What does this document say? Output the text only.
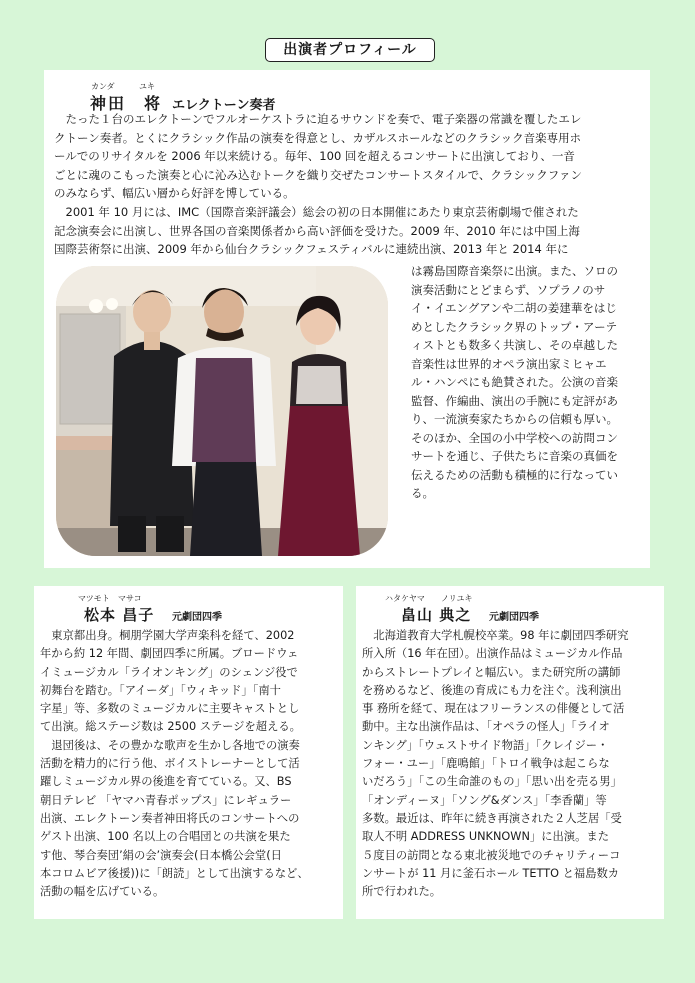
出演者プロフィール
カンダ	ユキ
神田　将 エレクトーン奏者
　たった１台のエレクトーンでフルオーケストラに迫るサウンドを奏で、電子楽器の常識を覆したエレ
クトーン奏者。とくにクラシック作品の演奏を得意とし、カザルスホールなどのクラシック音楽専用ホ
ールでのリサイタルを 2006 年以来続ける。毎年、100 回を超えるコンサートに出演しており、一音
ごとに魂のこもった演奏と心に沁み込むトークを織り交ぜたコンサートスタイルで、クラシックファン
のみならず、幅広い層から好評を博している。
　2001 年 10 月には、IMC（国際音楽評議会）総会の初の日本開催にあたり東京芸術劇場で催された
記念演奏会に出演し、世界各国の音楽関係者から高い評価を受けた。2009 年、2010 年には中国上海
国際芸術祭に出演、2009 年から仙台クラシックフェスティバルに連続出演、2013 年と 2014 年に
は霧島国際音楽祭に出演。また、ソロの
演奏活動にとどまらず、ソプラノのサ
イ・イエングアンや二胡の姜建華をはじ
めとしたクラシック界のトップ・アーテ
ィストとも数多く共演し、その卓越した
音楽性は世界的オペラ演出家ミヒャエ
ル・ハンペにも絶賛された。公演の音楽
監督、作編曲、演出の手腕にも定評があ
り、一流演奏家たちからの信頼も厚い。
そのほか、全国の小中学校への訪問コン
サートを通じ、子供たちに音楽の真価を
伝えるための活動も積極的に行なってい
る。
マツモト マサコ
松本 昌子 元劇団四季
　東京都出身。桐朋学園大学声楽科を経て、2002
年から約 12 年間、劇団四季に所属。ブロードウェ
イミュージカル「ライオンキング」のシェンジ役で
初舞台を踏む。「アイーダ」「ウィキッド」「南十
字星」等、多数のミュージカルに主要キャストとし
て出演。総ステージ数は 2500 ステージを超える。
　退団後は、その豊かな歌声を生かし各地での演奏
活動を精力的に行う他、ボイストレーナーとして活
躍しミュージカル界の後進を育てている。又、BS
朝日テレビ 「ヤマハ青春ポップス」にレギュラー
出演、エレクトーン奏者神田将氏のコンサートへの
ゲスト出演、100 名以上の合唱団との共演を果た
す他、琴合奏団’絹の会’演奏会(日本橋公会堂(日
本コロムビア後援))に「朗読」として出演するなど、
活動の幅を広げている。
ハタケヤマ ノリユキ
畠山 典之 元劇団四季
　北海道教育大学札幌校卒業。98 年に劇団四季研究
所入所（16 年在団）。出演作品はミュージカル作品
からストレートプレイと幅広い。また研究所の講師
を務めるなど、後進の育成にも力を注ぐ。浅利演出
事 務所を経て、現在はフリーランスの俳優として活
動中。主な出演作品は、「オペラの怪人」「ライオ
ンキング」「ウェストサイド物語」「クレイジー・
フォー・ユー」「鹿鳴館」「トロイ戦争は起こらな
いだろう」「この生命誰のもの」「思い出を売る男」
「オンディーヌ」「ソング&ダンス」「李香蘭」等
多数。最近は、昨年に続き再演された２人芝居「受
取人不明 ADDRESS UNKNOWN」に出演。また
５度目の訪問となる東北被災地でのチャリティーコ
ンサートが 11 月に釜石ホール TETTO と福島数カ
所で行われた。
